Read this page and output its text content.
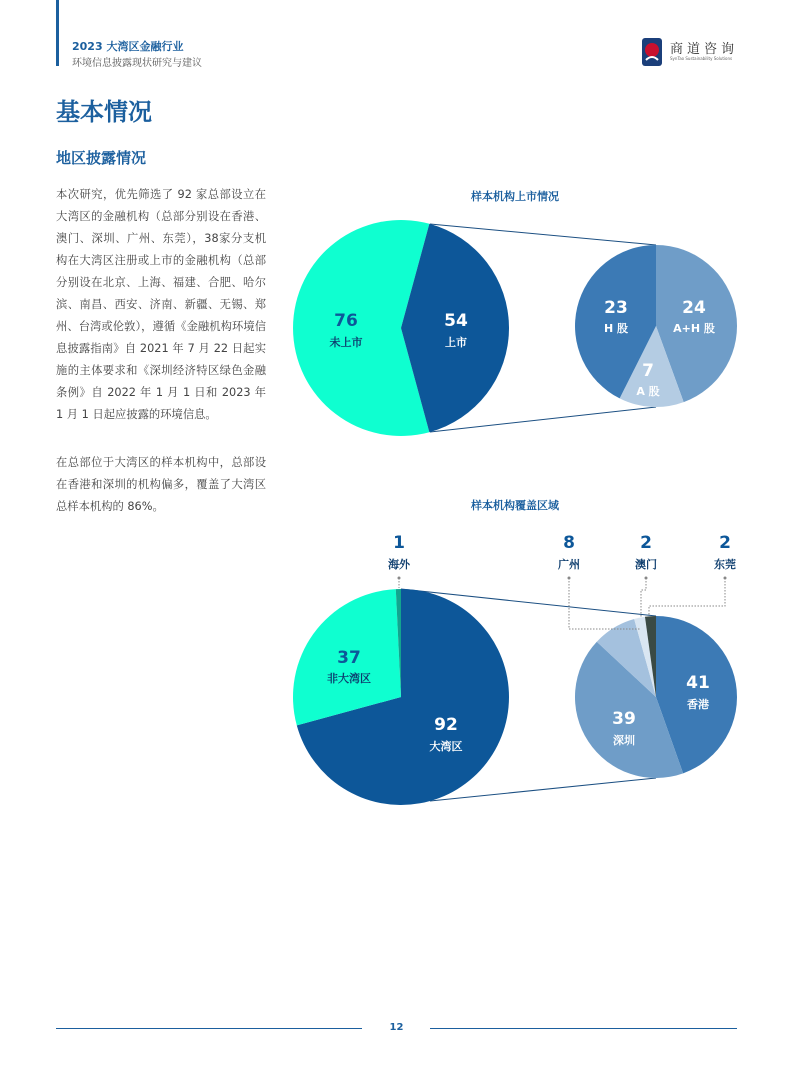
2023 大湾区金融行业
环境信息披露现状研究与建议
商道咨询
SynTao Sustainability Solutions
基本情况
地区披露情况

本次研究，优先筛选了 92 家总部设立在大湾区的金融机构（总部分别设在香港、澳门、深圳、广州、东莞），38家分支机构在大湾区注册或上市的金融机构（总部分别设在北京、上海、福建、合肥、哈尔滨、南昌、西安、济南、新疆、无锡、郑州、台湾或伦敦），遵循《金融机构环境信息披露指南》自 2021 年 7 月 22 日起实施的主体要求和《深圳经济特区绿色金融条例》自 2022 年 1 月 1 日和 2023 年 1 月 1 日起应披露的环境信息。

在总部位于大湾区的样本机构中，总部设在香港和深圳的机构偏多，覆盖了大湾区总样本机构的 86%。

样本机构上市情况
76
未上市
54
上市
24
A+H 股
7
A 股
23
H 股
样本机构覆盖区域
1
海外
37
非大湾区
92
大湾区
41
香港
39
深圳
8
广州
2
澳门
2
东莞
12
